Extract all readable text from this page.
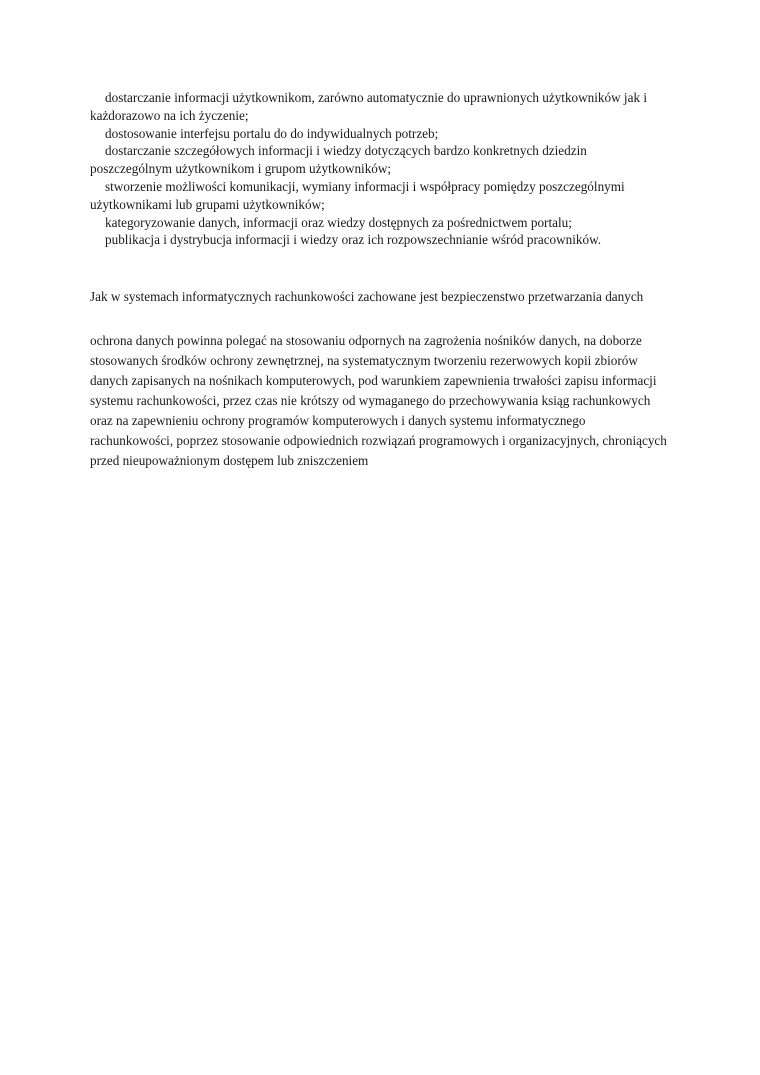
dostarczanie informacji użytkownikom, zarówno automatycznie do uprawnionych użytkowników jak i każdorazowo na ich życzenie;

dostosowanie interfejsu portalu do do indywidualnych potrzeb;

dostarczanie szczegółowych informacji i wiedzy dotyczących bardzo konkretnych dziedzin poszczególnym użytkownikom i grupom użytkowników;

stworzenie możliwości komunikacji, wymiany informacji i współpracy pomiędzy poszczególnymi użytkownikami lub grupami użytkowników;

kategoryzowanie danych, informacji oraz wiedzy dostępnych za pośrednictwem portalu;

publikacja i dystrybucja informacji i wiedzy oraz ich rozpowszechnianie wśród pracowników.

Jak w systemach informatycznych rachunkowości zachowane jest bezpieczenstwo przetwarzania danych

ochrona danych powinna polegać na stosowaniu odpornych na zagrożenia nośników danych, na doborze stosowanych środków ochrony zewnętrznej, na systematycznym tworzeniu rezerwowych kopii zbiorów danych zapisanych na nośnikach komputerowych, pod warunkiem zapewnienia trwałości zapisu informacji systemu rachunkowości, przez czas nie krótszy od wymaganego do przechowywania ksiąg rachunkowych oraz na zapewnieniu ochrony programów komputerowych i danych systemu informatycznego rachunkowości, poprzez stosowanie odpowiednich rozwiązań programowych i organizacyjnych, chroniących przed nieupoważnionym dostępem lub zniszczeniem
